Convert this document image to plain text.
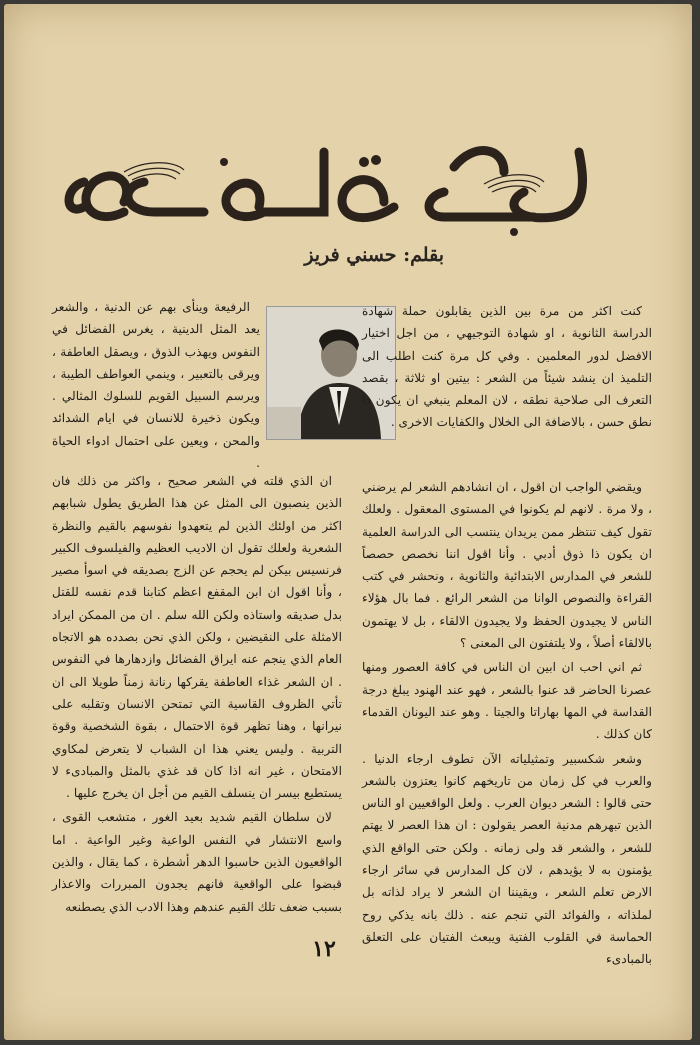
بقلم: حسني فريز

كنت اكثر من مرة بين الذين يقابلون حملة شهادة الدراسة الثانوية ، او شهادة التوجيهي ، من اجل اختيار الافضل لدور المعلمين . وفي كل مرة كنت اطلب الى التلميذ ان ينشد شيئاً من الشعر : بيتين او ثلاثة ، بقصد التعرف الى صلاحية نطقه ، لان المعلم ينبغي ان يكون ذا نطق حسن ، بالاضافة الى الخلال والكفايات الاخرى .

ويقضي الواجب ان اقول ، ان انشادهم الشعر لم يرضني ، ولا مرة . لانهم لم يكونوا في المستوى المعقول . ولعلك تقول كيف تنتظر ممن يريدان ينتسب الى الدراسة العلمية ان يكون ذا ذوق أدبي . وأنا اقول اننا نخصص حصصاً للشعر في المدارس الابتدائية والثانوية ، ونحشر في كتب القراءة والنصوص الوانا من الشعر الرائع . فما بال هؤلاء الناس لا يجيدون الحفظ ولا يجيدون الالقاء ، بل لا يهتمون بالالقاء أصلاً ، ولا يلتفتون الى المعنى ؟

ثم اني احب ان ابين ان الناس في كافة العصور ومنها عصرنا الحاضر قد عنوا بالشعر ، فهو عند الهنود يبلغ درجة القداسة في المها بهاراتا والجيتا . وهو عند اليونان القدماء كان كذلك .

وشعر شكسبير وتمثيلياته الآن تطوف ارجاء الدنيا . والعرب في كل زمان من تاريخهم كانوا يعتزون بالشعر حتى قالوا : الشعر ديوان العرب . ولعل الواقعيين او الناس الذين تبهرهم مدنية العصر يقولون : ان هذا العصر لا يهتم للشعر ، والشعر قد ولى زمانه . ولكن حتى الواقع الذي يؤمنون به لا يؤيدهم ، لان كل المدارس في سائر ارجاء الارض تعلم الشعر ، ويقيننا ان الشعر لا يراد لذاته بل لملذاته ، والفوائد التي تنجم عنه . ذلك بانه يذكي روح الحماسة في القلوب الفتية ويبعث الفتيان على التعلق بالمبادىء

الرفيعة وينأى بهم عن الدنية ، والشعر يعد المثل الدينية ، يغرس الفضائل في النفوس ويهذب الذوق ، ويصقل العاطفة ، ويرقى بالتعبير ، وينمي العواطف الطيبة ، ويرسم السبيل القويم للسلوك المثالي . ويكون ذخيرة للانسان في ايام الشدائد والمحن ، ويعين على احتمال ادواء الحياة .

ان الذي قلته في الشعر صحيح ، واكثر من ذلك فان الذين ينصبون الى المثل عن هذا الطريق يطول شبابهم اكثر من اولئك الذين لم يتعهدوا نفوسهم بالقيم والنظرة الشعرية ولعلك تقول ان الاديب العظيم والفيلسوف الكبير فرنسيس بيكن لم يحجم عن الزج بصديقه في اسوأ مصير ، وأنا اقول ان ابن المقفع اعظم كتابنا قدم نفسه للقتل بدل صديقه واستاذه ولكن الله سلم . ان من الممكن ايراد الامثلة على النقيضين ، ولكن الذي نحن بصدده هو الاتجاه العام الذي ينجم عنه ايراق الفضائل وازدهارها في النفوس . ان الشعر غذاء العاطفة يقركها رنانة زمناً طويلا الى ان تأتي الظروف القاسية التي تمتحن الانسان وتقلبه على نيرانها ، وهنا تظهر قوة الاحتمال ، بقوة الشخصية وقوة التربية . وليس يعني هذا ان الشباب لا يتعرض لمكاوي الامتحان ، غير انه اذا كان قد غذي بالمثل والمبادىء لا يستطيع بيسر ان ينسلف القيم من أجل ان يخرج عليها .

لان سلطان القيم شديد بعيد الغور ، متشعب القوى ، واسع الانتشار في النفس الواعية وغير الواعية . اما الواقعيون الذين حاسبوا الدهر أشطرة ، كما يقال ، والذين قبضوا على الواقعية فانهم يجدون المبررات والاعذار بسبب ضعف تلك القيم عندهم وهذا الادب الذي يصطنعه

١٢
